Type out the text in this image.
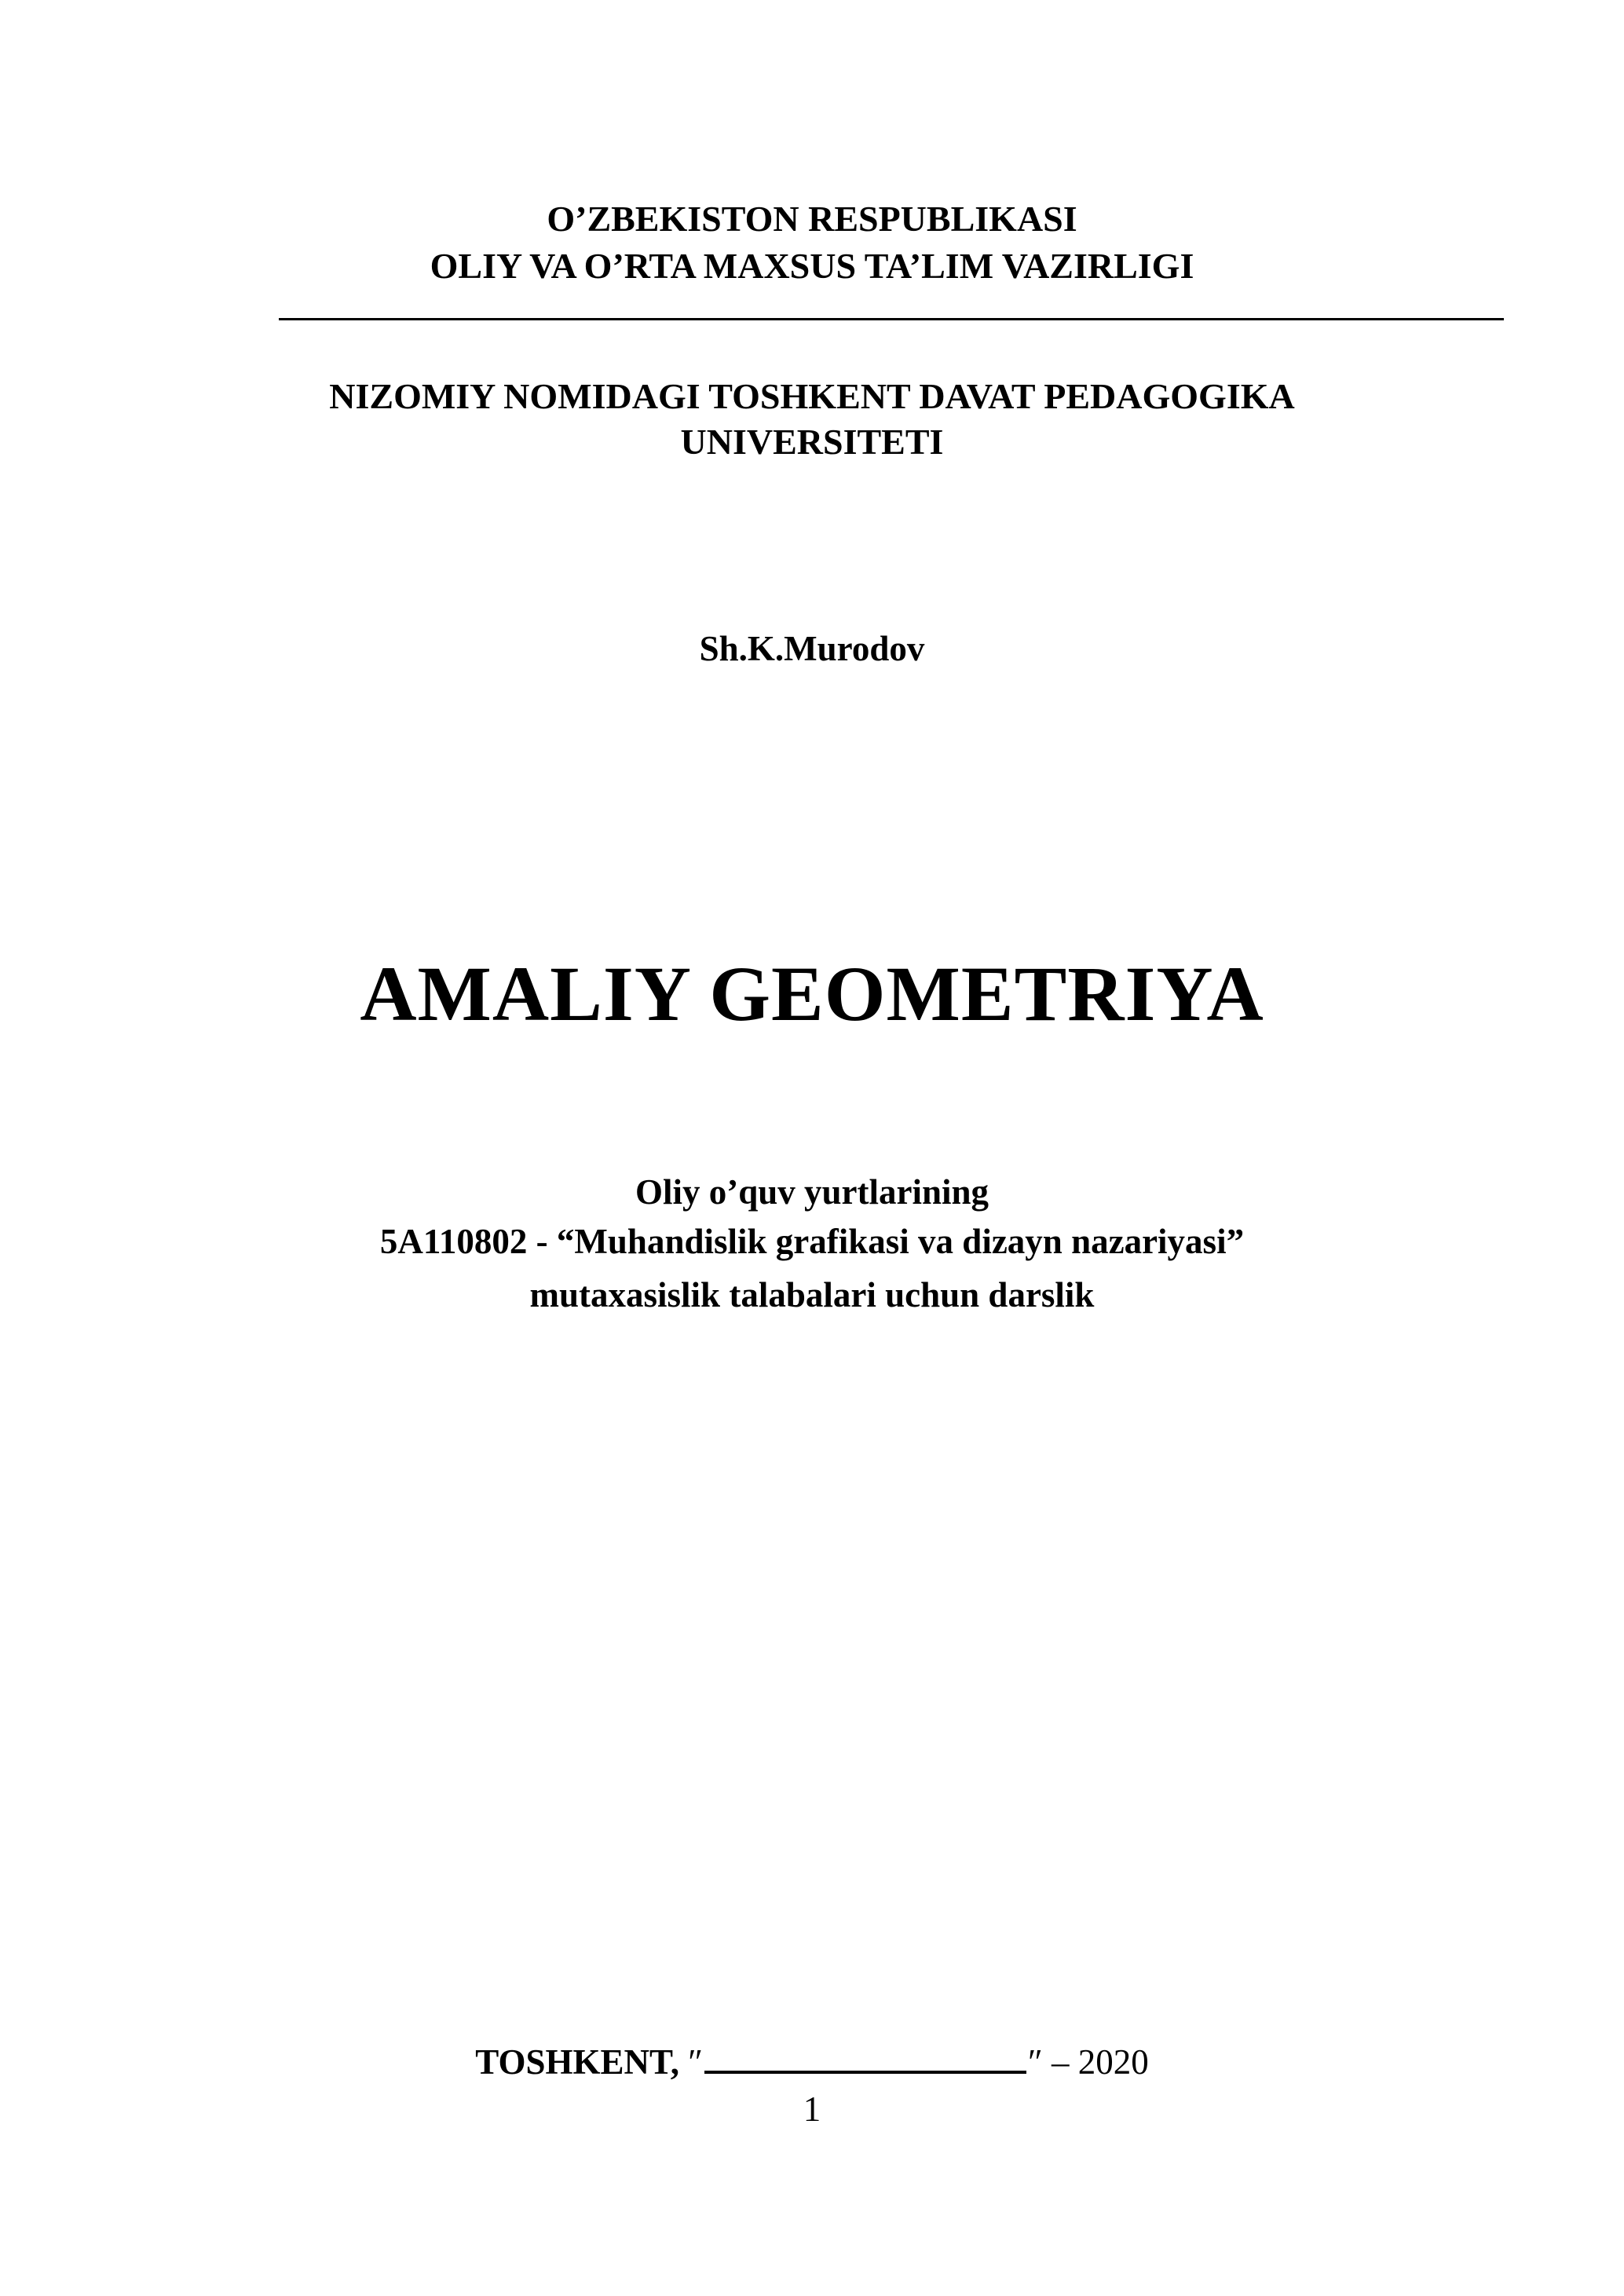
O’ZBEKISTON RESPUBLIKASI
OLIY VA O’RTA MAXSUS TA’LIM VAZIRLIGI
NIZOMIY NOMIDAGI TOSHKENT DAVAT PEDAGOGIKA
UNIVERSITETI
Sh.K.Murodov
AMALIY GEOMETRIYA
Oliy o’quv yurtlarining
5A110802 - “Muhandislik grafikasi va dizayn nazariyasi”
mutaxasislik talabalari uchun darslik
TOSHKENT, ″	″ – 2020
1
